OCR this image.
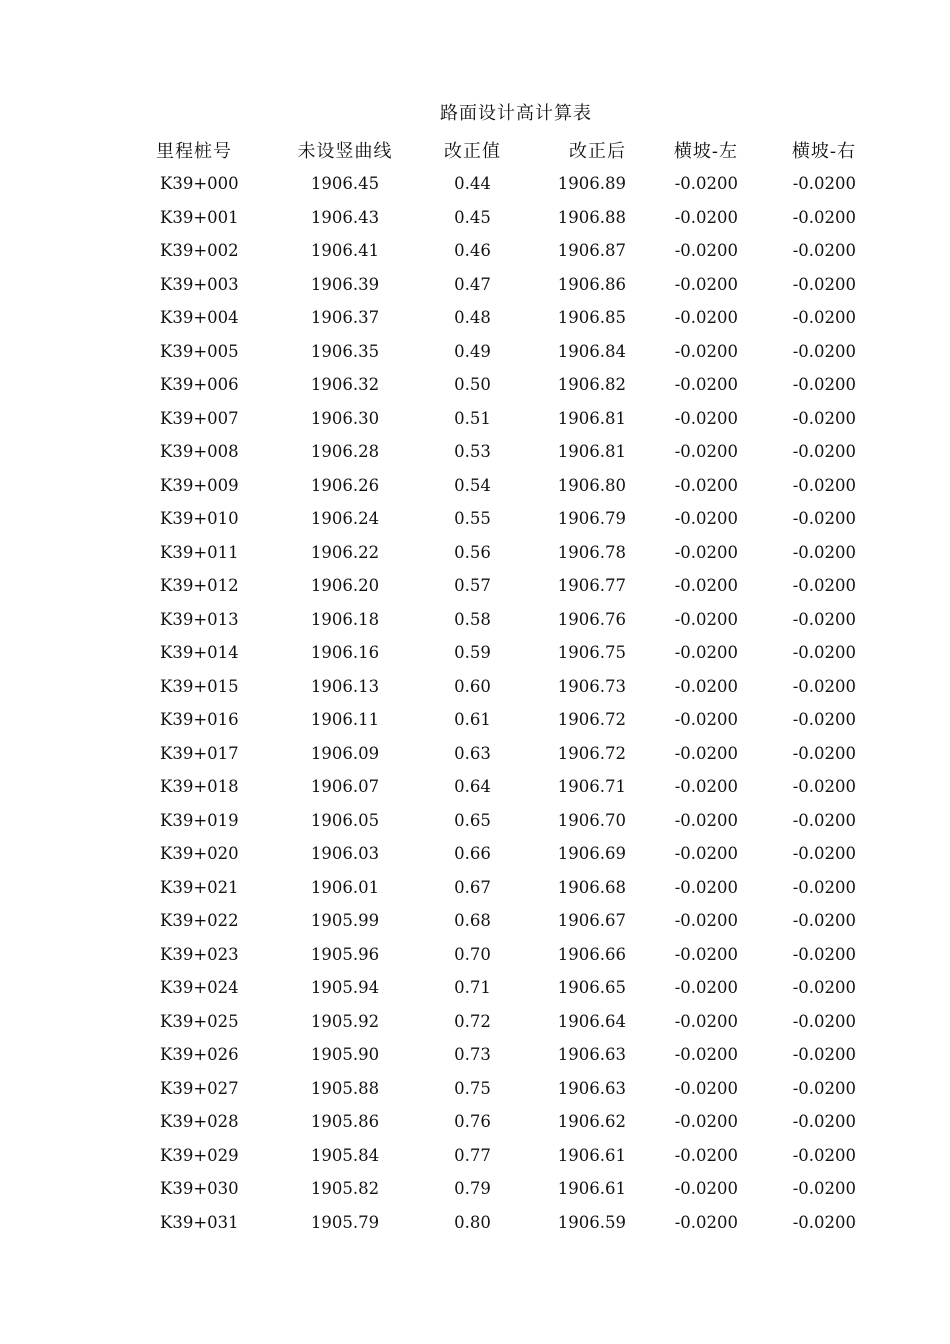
路面设计高计算表
里程桩号	未设竖曲线	改正值	改正后	横坡-左	横坡-右
K39+000	1906.45	0.44	1906.89	-0.0200	-0.0200
K39+001	1906.43	0.45	1906.88	-0.0200	-0.0200
K39+002	1906.41	0.46	1906.87	-0.0200	-0.0200
K39+003	1906.39	0.47	1906.86	-0.0200	-0.0200
K39+004	1906.37	0.48	1906.85	-0.0200	-0.0200
K39+005	1906.35	0.49	1906.84	-0.0200	-0.0200
K39+006	1906.32	0.50	1906.82	-0.0200	-0.0200
K39+007	1906.30	0.51	1906.81	-0.0200	-0.0200
K39+008	1906.28	0.53	1906.81	-0.0200	-0.0200
K39+009	1906.26	0.54	1906.80	-0.0200	-0.0200
K39+010	1906.24	0.55	1906.79	-0.0200	-0.0200
K39+011	1906.22	0.56	1906.78	-0.0200	-0.0200
K39+012	1906.20	0.57	1906.77	-0.0200	-0.0200
K39+013	1906.18	0.58	1906.76	-0.0200	-0.0200
K39+014	1906.16	0.59	1906.75	-0.0200	-0.0200
K39+015	1906.13	0.60	1906.73	-0.0200	-0.0200
K39+016	1906.11	0.61	1906.72	-0.0200	-0.0200
K39+017	1906.09	0.63	1906.72	-0.0200	-0.0200
K39+018	1906.07	0.64	1906.71	-0.0200	-0.0200
K39+019	1906.05	0.65	1906.70	-0.0200	-0.0200
K39+020	1906.03	0.66	1906.69	-0.0200	-0.0200
K39+021	1906.01	0.67	1906.68	-0.0200	-0.0200
K39+022	1905.99	0.68	1906.67	-0.0200	-0.0200
K39+023	1905.96	0.70	1906.66	-0.0200	-0.0200
K39+024	1905.94	0.71	1906.65	-0.0200	-0.0200
K39+025	1905.92	0.72	1906.64	-0.0200	-0.0200
K39+026	1905.90	0.73	1906.63	-0.0200	-0.0200
K39+027	1905.88	0.75	1906.63	-0.0200	-0.0200
K39+028	1905.86	0.76	1906.62	-0.0200	-0.0200
K39+029	1905.84	0.77	1906.61	-0.0200	-0.0200
K39+030	1905.82	0.79	1906.61	-0.0200	-0.0200
K39+031	1905.79	0.80	1906.59	-0.0200	-0.0200
